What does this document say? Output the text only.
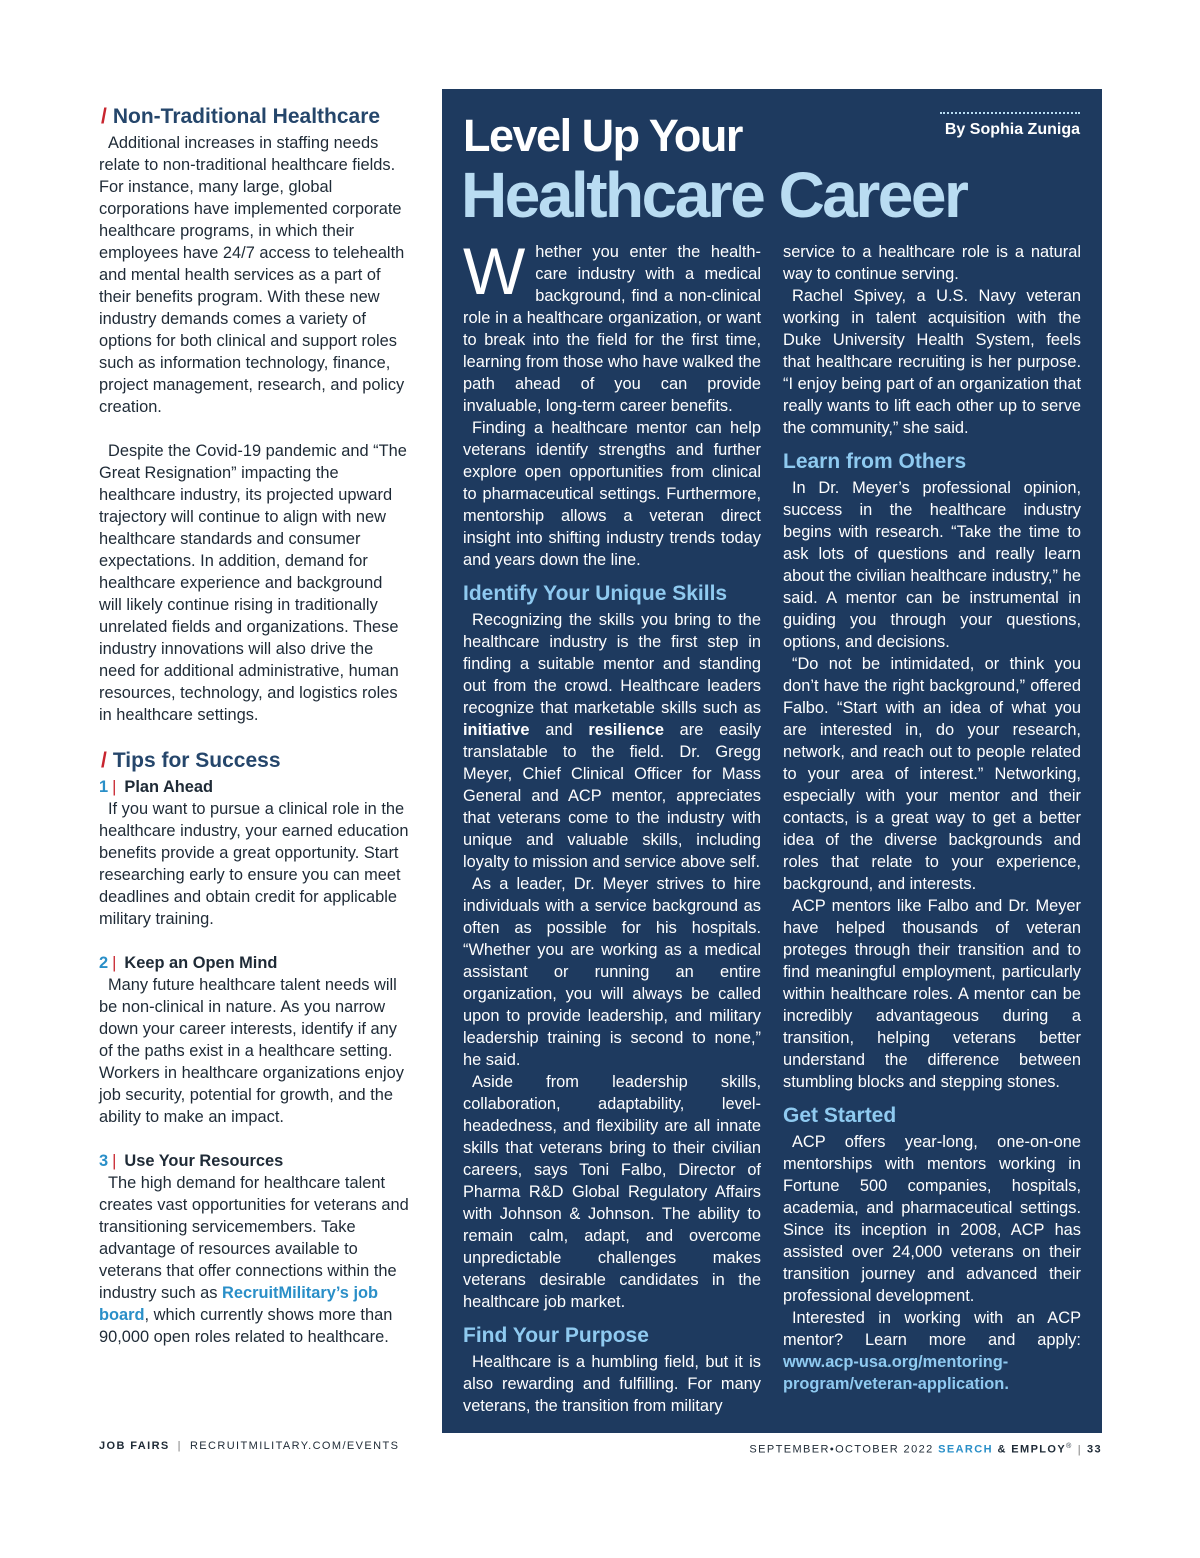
/ Non-Traditional Healthcare

Additional increases in staffing needs relate to non-traditional healthcare fields. For instance, many large, global corporations have implemented corporate healthcare programs, in which their employees have 24/7 access to telehealth and mental health services as a part of their benefits program. With these new industry demands comes a variety of options for both clinical and support roles such as information technology, finance, project management, research, and policy creation.

Despite the Covid-19 pandemic and “The Great Resignation” impacting the healthcare industry, its projected upward trajectory will continue to align with new healthcare standards and consumer expectations. In addition, demand for healthcare experience and background will likely continue rising in traditionally unrelated fields and organizations. These industry innovations will also drive the need for additional administrative, human resources, technology, and logistics roles in healthcare settings.

/ Tips for Success
1 | Plan Ahead

If you want to pursue a clinical role in the healthcare industry, your earned education benefits provide a great opportunity. Start researching early to ensure you can meet deadlines and obtain credit for applicable military training.

2 | Keep an Open Mind

Many future healthcare talent needs will be non-clinical in nature. As you narrow down your career interests, identify if any of the paths exist in a healthcare setting. Workers in healthcare organizations enjoy job security, potential for growth, and the ability to make an impact.

3 | Use Your Resources

The high demand for healthcare talent creates vast opportunities for veterans and transitioning servicemembers. Take advantage of resources available to veterans that offer connections within the industry such as RecruitMilitary’s job board, which currently shows more than 90,000 open roles related to healthcare.

By Sophia Zuniga
Level Up Your
Healthcare Career

Whether you enter the health-care industry with a medical background, find a non-clinical role in a healthcare organization, or want to break into the field for the first time, learning from those who have walked the path ahead of you can provide invaluable, long-term career benefits.

Finding a healthcare mentor can help veterans identify strengths and further explore open opportunities from clinical to pharmaceutical settings. Furthermore, mentorship allows a veteran direct insight into shifting industry trends today and years down the line.

Identify Your Unique Skills

Recognizing the skills you bring to the healthcare industry is the first step in finding a suitable mentor and standing out from the crowd. Healthcare leaders recognize that marketable skills such as initiative and resilience are easily translatable to the field. Dr. Gregg Meyer, Chief Clinical Officer for Mass General and ACP mentor, appreciates that veterans come to the industry with unique and valuable skills, including loyalty to mission and service above self.

As a leader, Dr. Meyer strives to hire individuals with a service background as often as possible for his hospitals. “Whether you are working as a medical assistant or running an entire organization, you will always be called upon to provide leadership, and military leadership training is second to none,” he said.

Aside from leadership skills, collaboration, adaptability, level-headedness, and flexibility are all innate skills that veterans bring to their civilian careers, says Toni Falbo, Director of Pharma R&D Global Regulatory Affairs with Johnson & Johnson. The ability to remain calm, adapt, and overcome unpredictable challenges makes veterans desirable candidates in the healthcare job market.

Find Your Purpose

Healthcare is a humbling field, but it is also rewarding and fulfilling. For many veterans, the transition from military

service to a healthcare role is a natural way to continue serving.

Rachel Spivey, a U.S. Navy veteran working in talent acquisition with the Duke University Health System, feels that healthcare recruiting is her purpose. “I enjoy being part of an organization that really wants to lift each other up to serve the community,” she said.

Learn from Others

In Dr. Meyer’s professional opinion, success in the healthcare industry begins with research. “Take the time to ask lots of questions and really learn about the civilian healthcare industry,” he said. A mentor can be instrumental in guiding you through your questions, options, and decisions.

“Do not be intimidated, or think you don’t have the right background,” offered Falbo. “Start with an idea of what you are interested in, do your research, network, and reach out to people related to your area of interest.” Networking, especially with your mentor and their contacts, is a great way to get a better idea of the diverse backgrounds and roles that relate to your experience, background, and interests.

ACP mentors like Falbo and Dr. Meyer have helped thousands of veteran proteges through their transition and to find meaningful employment, particularly within healthcare roles. A mentor can be incredibly advantageous during a transition, helping veterans better understand the difference between stumbling blocks and stepping stones.

Get Started

ACP offers year-long, one-on-one mentorships with mentors working in Fortune 500 companies, hospitals, academia, and pharmaceutical settings. Since its inception in 2008, ACP has assisted over 24,000 veterans on their transition journey and advanced their professional development.

Interested in working with an ACP mentor? Learn more and apply: www.acp-usa.org/mentoring-program/veteran-application.

JOB FAIRS | RECRUITMILITARY.COM/EVENTS	SEPTEMBER•OCTOBER 2022 SEARCH & EMPLOY® | 33
